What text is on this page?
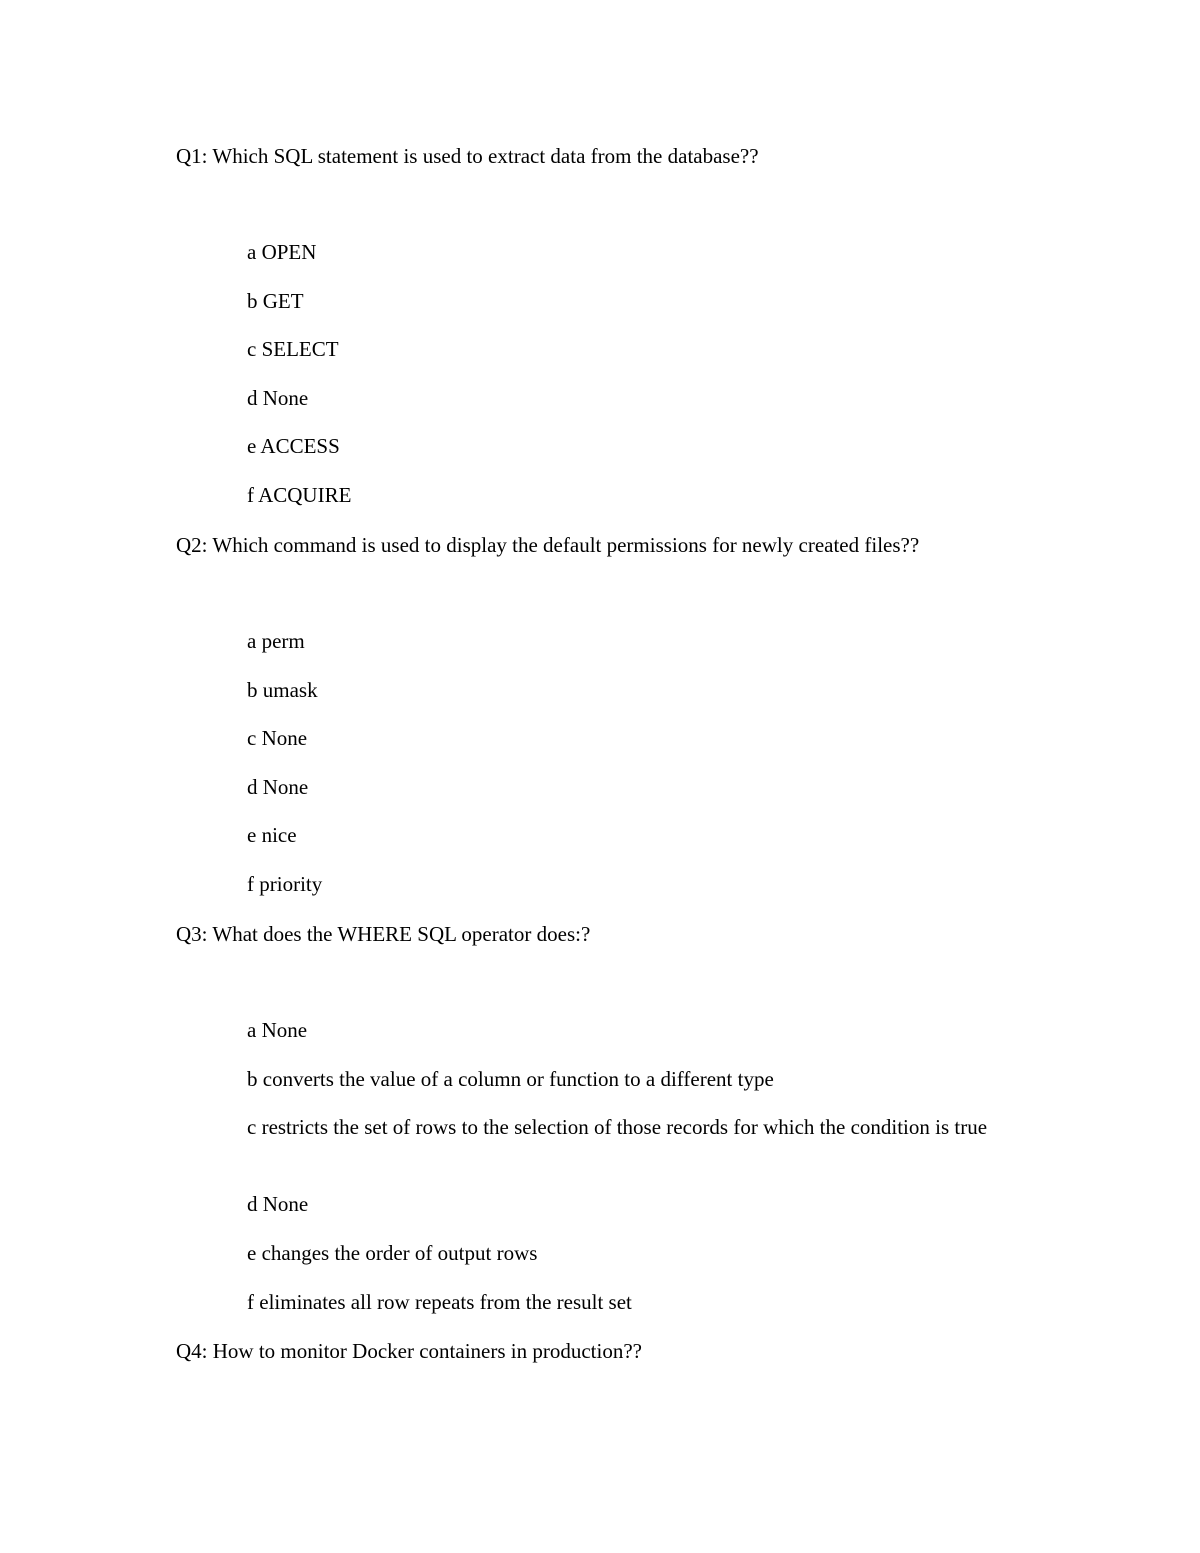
Q1: Which SQL statement is used to extract data from the database??

a OPEN

b GET

c SELECT

d None

e ACCESS

f ACQUIRE

Q2: Which command is used to display the default permissions for newly created files??

a perm

b umask

c None

d None

e nice

f priority

Q3: What does the WHERE SQL operator does:?

a None

b converts the value of a column or function to a different type

c restricts the set of rows to the selection of those records for which the condition is true

d None

e changes the order of output rows

f eliminates all row repeats from the result set

Q4: How to monitor Docker containers in production??
